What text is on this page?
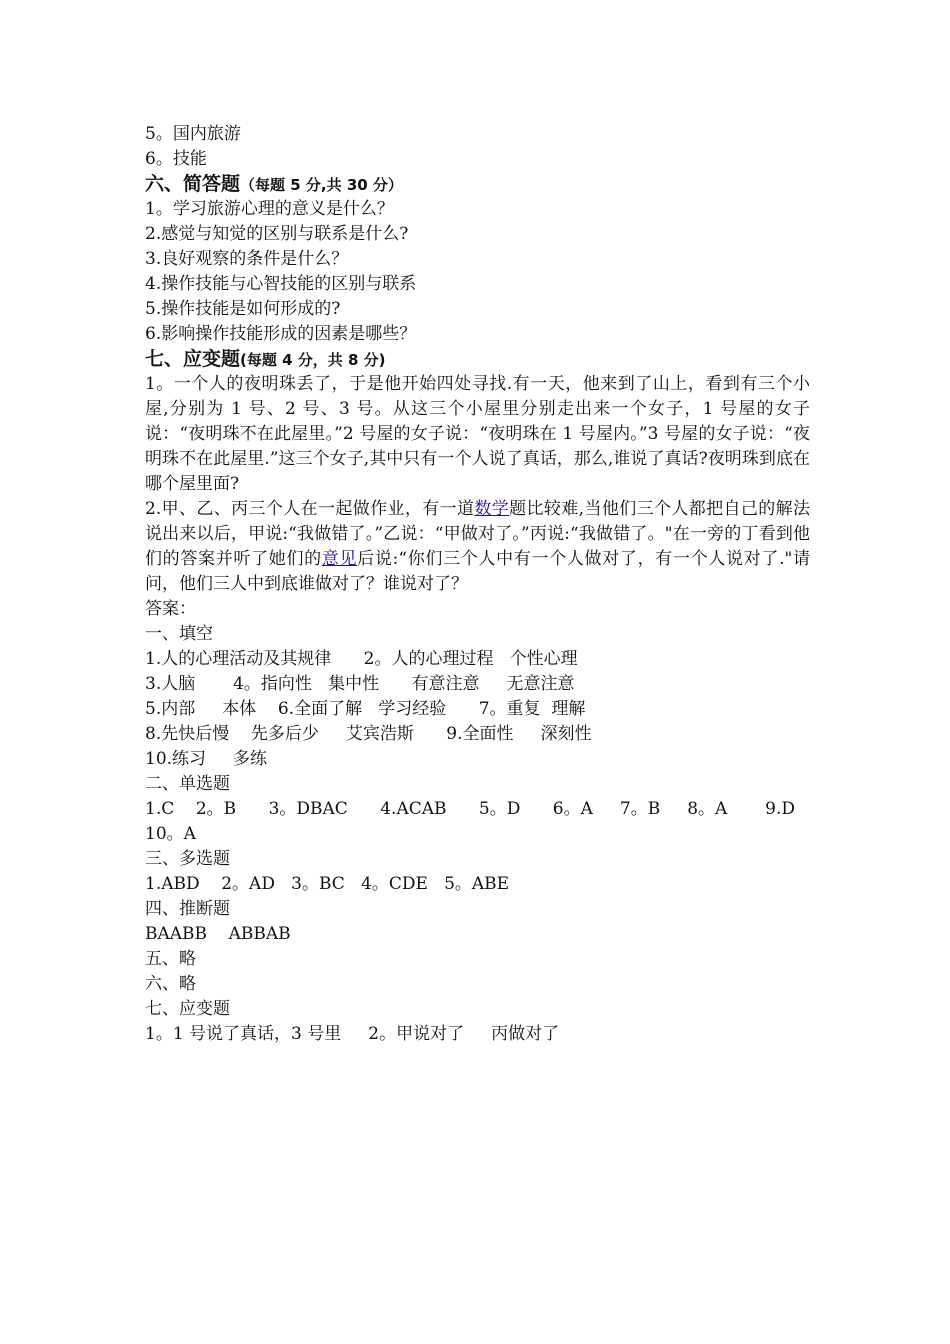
5。国内旅游
6。技能
六、简答题（每题 5 分,共 30 分）
1。学习旅游心理的意义是什么？
2.感觉与知觉的区别与联系是什么?
3.良好观察的条件是什么？
4.操作技能与心智技能的区别与联系
5.操作技能是如何形成的?
6.影响操作技能形成的因素是哪些？
七、应变题(每题 4 分，共 8 分)
1。一个人的夜明珠丢了，于是他开始四处寻找.有一天，他来到了山上，看到有三个小屋,分别为 1 号、2 号、3 号。从这三个小屋里分别走出来一个女子，1 号屋的女子说：“夜明珠不在此屋里。”2 号屋的女子说：“夜明珠在 1 号屋内。”3 号屋的女子说：“夜明珠不在此屋里.”这三个女子,其中只有一个人说了真话，那么,谁说了真话?夜明珠到底在哪个屋里面?
2.甲、乙、丙三个人在一起做作业，有一道数学题比较难,当他们三个人都把自己的解法说出来以后，甲说:“我做错了。”乙说：“甲做对了。”丙说:“我做错了。"在一旁的丁看到他们的答案并听了她们的意见后说:“你们三个人中有一个人做对了，有一个人说对了."请问，他们三人中到底谁做对了？谁说对了？
答案：
一、填空
1.人的心理活动及其规律      2。人的心理过程   个性心理
3.人脑       4。指向性   集中性      有意注意     无意注意
5.内部     本体    6.全面了解   学习经验      7。重复  理解
8.先快后慢    先多后少     艾宾浩斯      9.全面性     深刻性
10.练习     多练
二、单选题
1.C    2。B      3。DBAC      4.ACAB      5。D      6。A     7。B     8。A       9.D
10。A
三、多选题
1.ABD    2。AD   3。BC   4。CDE   5。ABE
四、推断题
BAABB    ABBAB
五、略
六、略
七、应变题
1。1 号说了真话，3 号里     2。甲说对了     丙做对了
